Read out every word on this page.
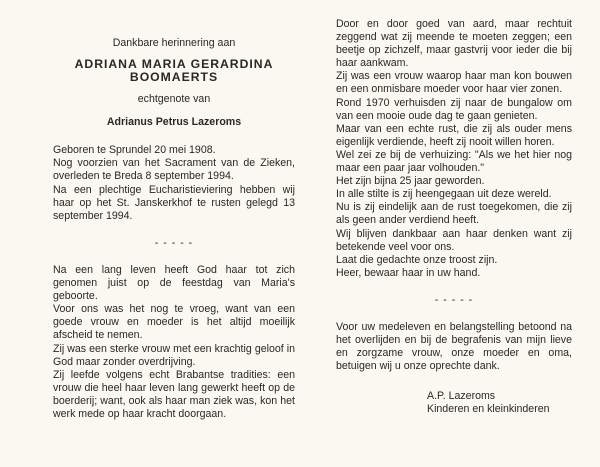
Dankbare herinnering aan

ADRIANA MARIA GERARDINA

BOOMAERTS

echtgenote van

Adrianus Petrus Lazeroms

Geboren te Sprundel 20 mei 1908.

Nog voorzien van het Sacrament van de Zieken, overleden te Breda 8 september 1994.

Na een plechtige Eucharistieviering hebben wij haar op het St. Janskerkhof te rusten gelegd 13 september 1994.

- - - - -

Na een lang leven heeft God haar tot zich genomen juist op de feestdag van Maria's geboorte.

Voor ons was het nog te vroeg, want van een goede vrouw en moeder is het altijd moeilijk afscheid te nemen.

Zij was een sterke vrouw met een krachtig geloof in God maar zonder overdrijving.

Zij leefde volgens echt Brabantse tradities: een vrouw die heel haar leven lang gewerkt heeft op de boerderij; want, ook als haar man ziek was, kon het werk mede op haar kracht doorgaan.

Door en door goed van aard, maar rechtuit zeggend wat zij meende te moeten zeggen; een beetje op zichzelf, maar gastvrij voor ieder die bij haar aankwam.

Zij was een vrouw waarop haar man kon bouwen en een onmisbare moeder voor haar vier zonen.

Rond 1970 verhuisden zij naar de bungalow om van een mooie oude dag te gaan genieten.

Maar van een echte rust, die zij als ouder mens eigenlijk verdiende, heeft zij nooit willen horen.

Wel zei ze bij de verhuizing: "Als we het hier nog maar een paar jaar volhouden."

Het zijn bijna 25 jaar geworden.

In alle stilte is zij heengegaan uit deze wereld.

Nu is zij eindelijk aan de rust toegekomen, die zij als geen ander verdiend heeft.

Wij blijven dankbaar aan haar denken want zij betekende veel voor ons.

Laat die gedachte onze troost zijn.

Heer, bewaar haar in uw hand.

- - - - -

Voor uw medeleven en belangstelling betoond na het overlijden en bij de begrafenis van mijn lieve en zorgzame vrouw, onze moeder en oma, betuigen wij u onze oprechte dank.

A.P. Lazeroms

Kinderen en kleinkinderen
